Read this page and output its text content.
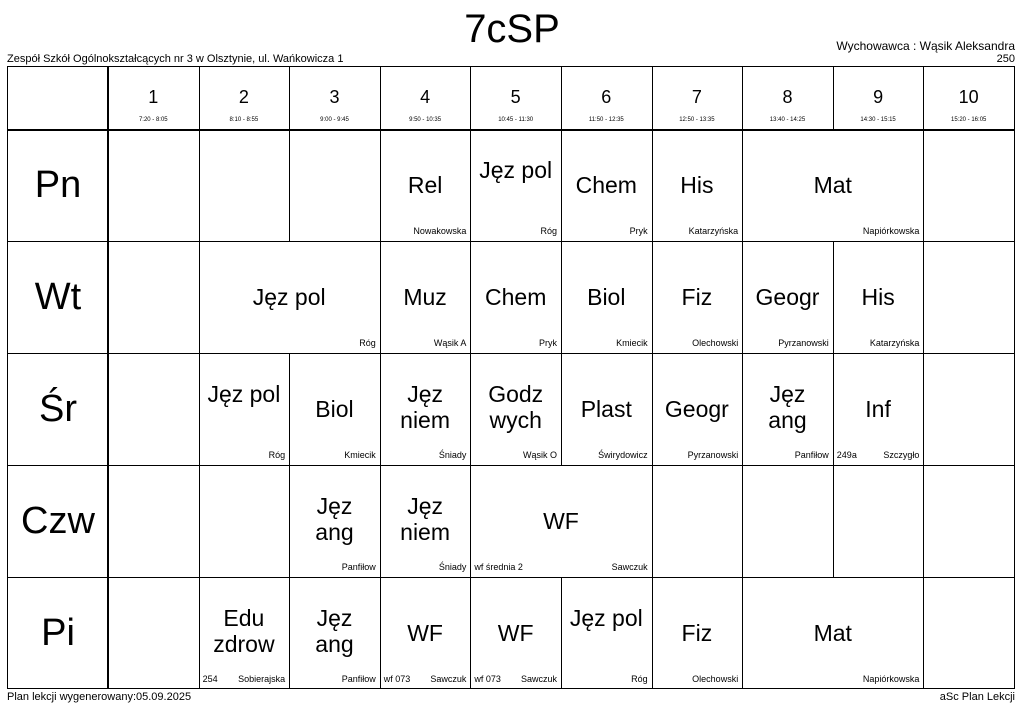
7cSP
Zespół Szkół Ogólnokształcących nr 3 w Olsztynie, ul. Wańkowicza 1
Wychowawca : Wąsik Aleksandra
250
1
7:20 - 8:05
2
8:10 - 8:55
3
9:00 - 9:45
4
9:50 - 10:35
5
10:45 - 11:30
6
11:50 - 12:35
7
12:50 - 13:35
8
13:40 - 14:25
9
14:30 - 15:15
10
15:20 - 16:05
Pn
Wt
Śr
Czw
Pi
Rel
Nowakowska
Jęz pol
Róg
Chem
Pryk
His
Katarzyńska
Mat
Napiórkowska
Jęz pol
Róg
Muz
Wąsik A
Chem
Pryk
Biol
Kmiecik
Fiz
Olechowski
Geogr
Pyrzanowski
His
Katarzyńska
Jęz pol
Róg
Biol
Kmiecik
Jęz niem
Śniady
Godz wych
Wąsik O
Plast
Świrydowicz
Geogr
Pyrzanowski
Jęz ang
Panfiłow
Inf
Szczygło
249a
Jęz ang
Panfiłow
Jęz niem
Śniady
WF
Sawczuk
wf średnia 2
Edu zdrow
Sobierajska
254
Jęz ang
Panfiłow
WF
Sawczuk
wf 073
WF
Sawczuk
wf 073
Jęz pol
Róg
Fiz
Olechowski
Mat
Napiórkowska
Plan lekcji wygenerowany:05.09.2025	aSc Plan Lekcji
